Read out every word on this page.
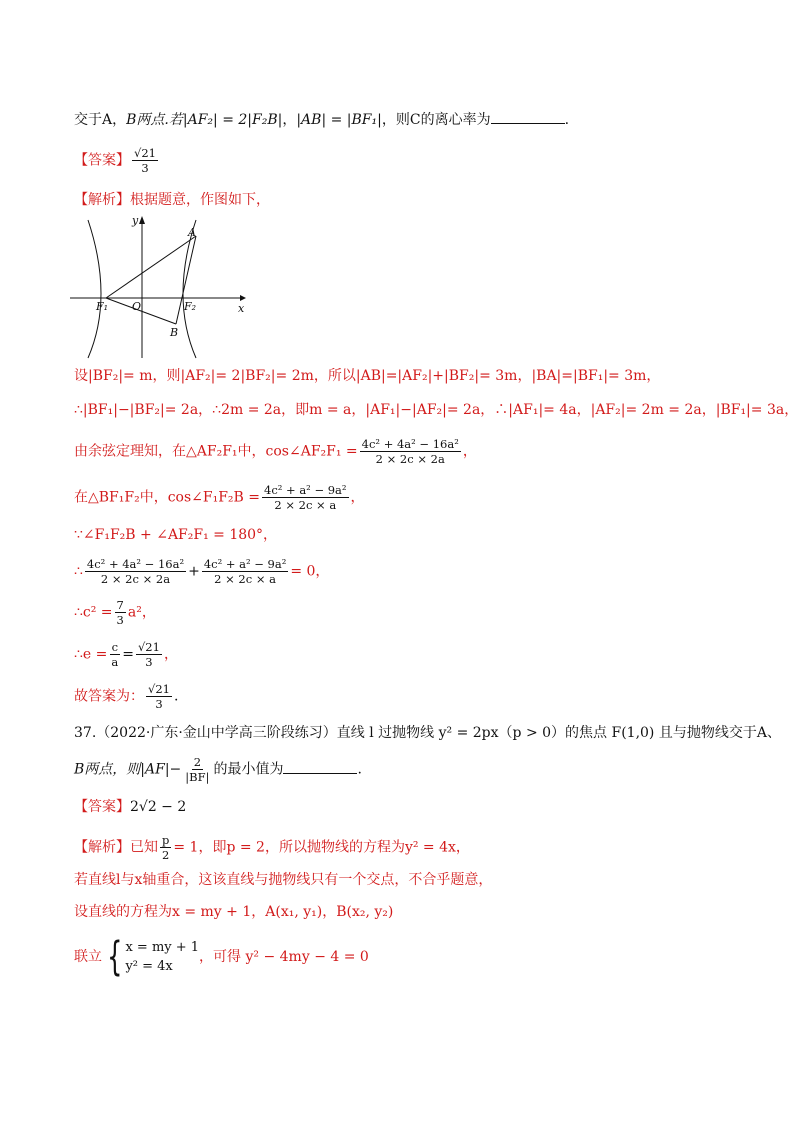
交于A，B两点.若|AF₂| = 2|F₂B|，|AB| = |BF₁|，则C的离心率为	.
【答案】 $\frac{√21}{3}$
【解析】根据题意，作图如下，
y
x
A
B
O
F₁	F₂
设|BF₂|= m，则|AF₂|= 2|BF₂|= 2m，所以|AB|=|AF₂|+|BF₂|= 3m，|BA|=|BF₁|= 3m，
∴|BF₁|−|BF₂|= 2a，∴2m = 2a，即m = a，|AF₁|−|AF₂|= 2a，∴|AF₁|= 4a，|AF₂|= 2m = 2a，|BF₁|= 3a，
由余弦定理知，在△AF₂F₁中，cos∠AF₂F₁ = $\frac{\text{4c² + 4a² − 16a²}}{2 \times 2c \times 2a}$ ，
在△BF₁F₂中，cos∠F₁F₂B = $\frac{\text{4c² + a² − 9a²}}{2 \times 2c \times a}$ ，
∵∠F₁F₂B + ∠AF₂F₁ = 180°，
∴ $\frac{\text{4c² + 4a² − 16a²}}{2 \times 2c \times 2a} + \frac{\text{4c² + a² − 9a²}}{2 \times 2c \times a} = 0$，
∴c² = $\frac{7}{3} a^2$，
∴e = $\frac{c}{a} = \frac{√21}{3}$ ，
故答案为： $\frac{√21}{3}$ .
37.（2022·广东·金山中学高三阶段练习）直线 l 过抛物线 y² = 2px（p > 0）的焦点 F(1,0) 且与抛物线交于A、
B两点，则$|AF|- \frac{2}{|BF|}$ 的最小值为	.
【答案】2√2 − 2
【解析】已知 $\frac{p}{2} = 1$，即p = 2，所以抛物线的方程为y² = 4x，
若直线l与x轴重合，这该直线与抛物线只有一个交点，不合乎题意，
设直线的方程为x = my + 1，A(x₁, y₁)，B(x₂, y₂)
联立 { x = my + 1
y² = 4x
，可得 y² − 4my − 4 = 0
